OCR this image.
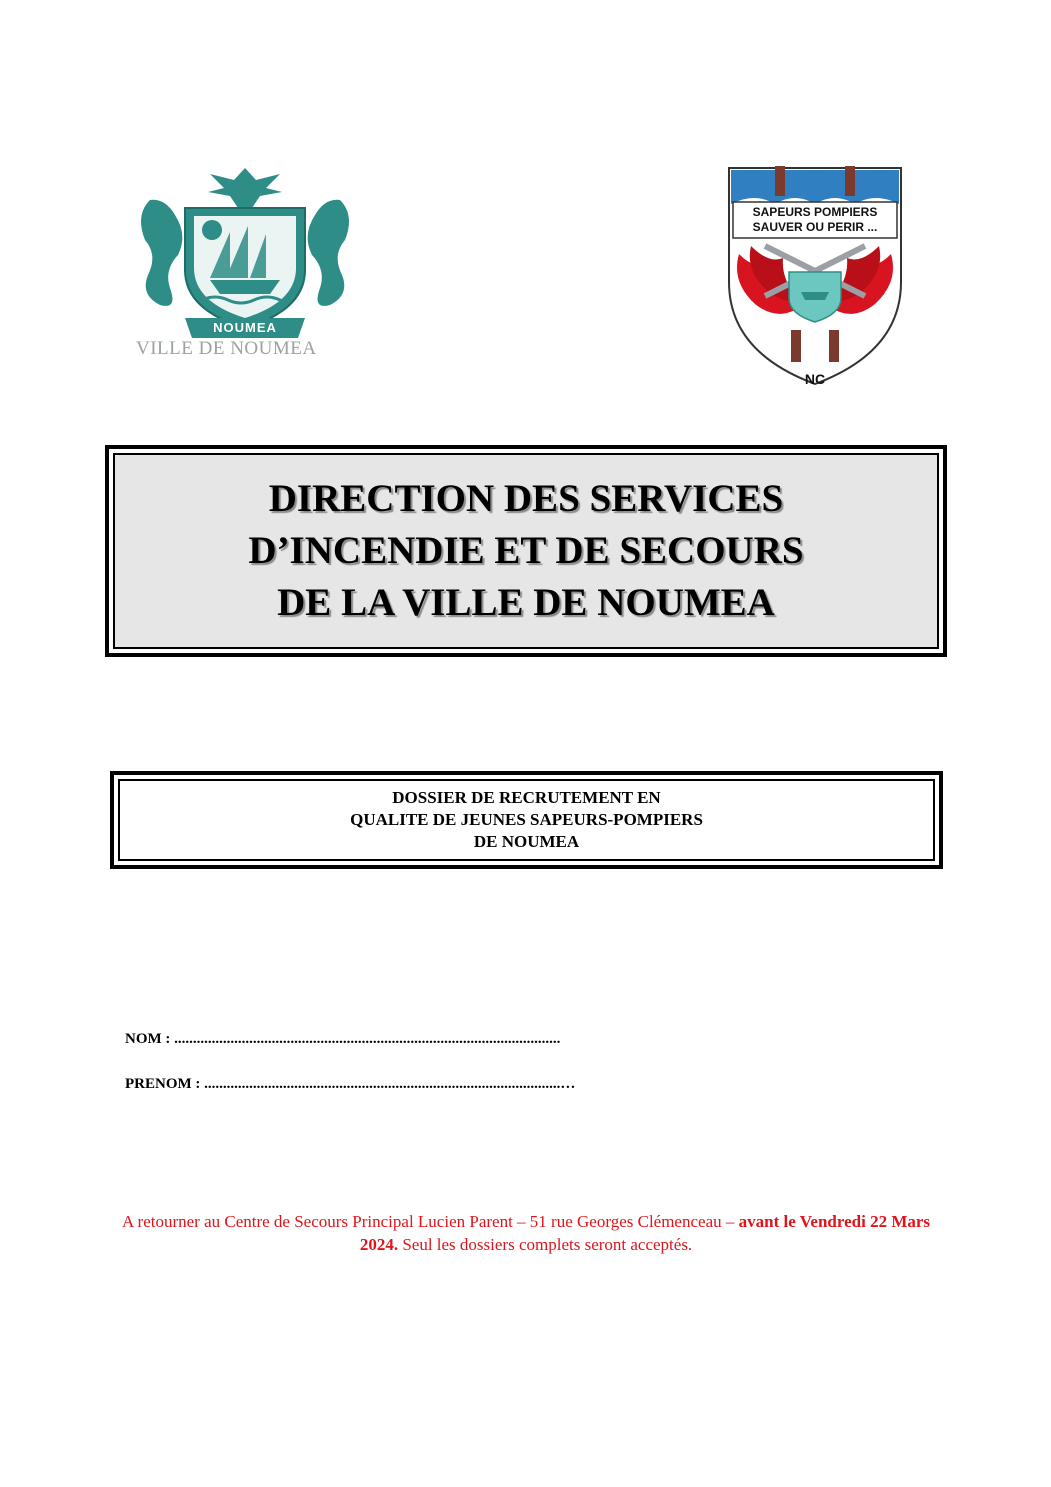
NOUMEA
VILLE DE NOUMEA
SAPEURS POMPIERS
SAUVER OU PERIR ...
NC
DIRECTION DES SERVICES
D’INCENDIE ET DE SECOURS
DE LA VILLE DE NOUMEA
DOSSIER DE RECRUTEMENT EN
QUALITE DE JEUNES SAPEURS-POMPIERS
DE NOUMEA
NOM : .......................................................................................................
PRENOM : ...............................................................................................…
A retourner au Centre de Secours Principal Lucien Parent – 51 rue Georges Clémenceau – avant le Vendredi 22 Mars 2024. Seul les dossiers complets seront acceptés.
